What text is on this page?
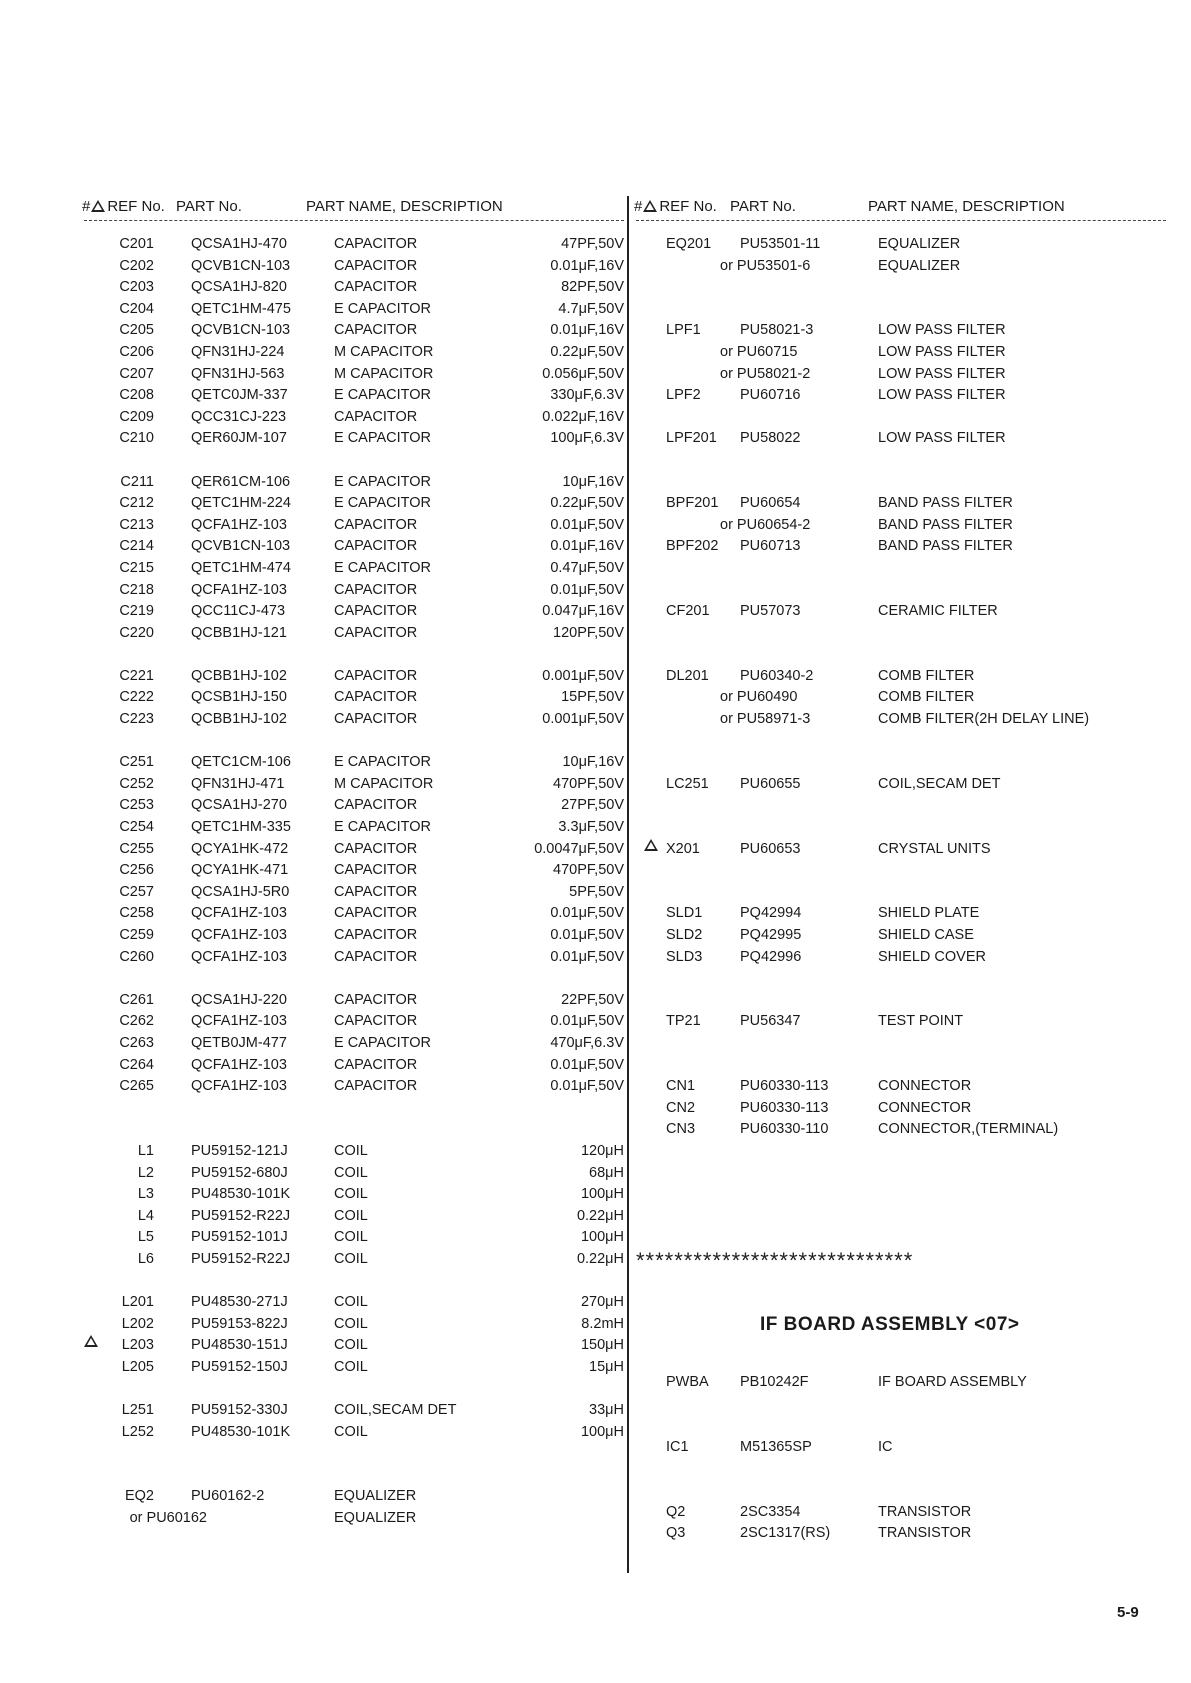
# REF No. PART No.	PART NAME, DESCRIPTION
C201	QCSA1HJ-470	CAPACITOR	47PF,50V
C202	QCVB1CN-103	CAPACITOR	0.01μF,16V
C203	QCSA1HJ-820	CAPACITOR	82PF,50V
C204	QETC1HM-475	E CAPACITOR	4.7μF,50V
C205	QCVB1CN-103	CAPACITOR	0.01μF,16V
C206	QFN31HJ-224	M CAPACITOR	0.22μF,50V
C207	QFN31HJ-563	M CAPACITOR	0.056μF,50V
C208	QETC0JM-337	E CAPACITOR	330μF,6.3V
C209	QCC31CJ-223	CAPACITOR	0.022μF,16V
C210	QER60JM-107	E CAPACITOR	100μF,6.3V
C211	QER61CM-106	E CAPACITOR	10μF,16V
C212	QETC1HM-224	E CAPACITOR	0.22μF,50V
C213	QCFA1HZ-103	CAPACITOR	0.01μF,50V
C214	QCVB1CN-103	CAPACITOR	0.01μF,16V
C215	QETC1HM-474	E CAPACITOR	0.47μF,50V
C218	QCFA1HZ-103	CAPACITOR	0.01μF,50V
C219	QCC11CJ-473	CAPACITOR	0.047μF,16V
C220	QCBB1HJ-121	CAPACITOR	120PF,50V
C221	QCBB1HJ-102	CAPACITOR	0.001μF,50V
C222	QCSB1HJ-150	CAPACITOR	15PF,50V
C223	QCBB1HJ-102	CAPACITOR	0.001μF,50V
C251	QETC1CM-106	E CAPACITOR	10μF,16V
C252	QFN31HJ-471	M CAPACITOR	470PF,50V
C253	QCSA1HJ-270	CAPACITOR	27PF,50V
C254	QETC1HM-335	E CAPACITOR	3.3μF,50V
C255	QCYA1HK-472	CAPACITOR	0.0047μF,50V
C256	QCYA1HK-471	CAPACITOR	470PF,50V
C257	QCSA1HJ-5R0	CAPACITOR	5PF,50V
C258	QCFA1HZ-103	CAPACITOR	0.01μF,50V
C259	QCFA1HZ-103	CAPACITOR	0.01μF,50V
C260	QCFA1HZ-103	CAPACITOR	0.01μF,50V
C261	QCSA1HJ-220	CAPACITOR	22PF,50V
C262	QCFA1HZ-103	CAPACITOR	0.01μF,50V
C263	QETB0JM-477	E CAPACITOR	470μF,6.3V
C264	QCFA1HZ-103	CAPACITOR	0.01μF,50V
C265	QCFA1HZ-103	CAPACITOR	0.01μF,50V
L1	PU59152-121J	COIL	120μH
L2	PU59152-680J	COIL	68μH
L3	PU48530-101K	COIL	100μH
L4	PU59152-R22J	COIL	0.22μH
L5	PU59152-101J	COIL	100μH
L6	PU59152-R22J	COIL	0.22μH
L201	PU48530-271J	COIL	270μH
L202	PU59153-822J	COIL	8.2mH
L203	PU48530-151J	COIL	150μH
L205	PU59152-150J	COIL	15μH
L251	PU59152-330J	COIL,SECAM DET	33μH
L252	PU48530-101K	COIL	100μH
EQ2	PU60162-2	EQUALIZER
or PU60162	EQUALIZER
# REF No. PART No.	PART NAME, DESCRIPTION
EQ201 PU53501-11	EQUALIZER
or PU53501-6	EQUALIZER
LPF1	PU58021-3	LOW PASS FILTER
or PU60715	LOW PASS FILTER
or PU58021-2	LOW PASS FILTER
LPF2	PU60716	LOW PASS FILTER
LPF201 PU58022	LOW PASS FILTER
BPF201 PU60654	BAND PASS FILTER
or PU60654-2	BAND PASS FILTER
BPF202 PU60713	BAND PASS FILTER
CF201 PU57073	CERAMIC FILTER
DL201 PU60340-2	COMB FILTER
or PU60490	COMB FILTER
or PU58971-3	COMB FILTER(2H DELAY LINE)
LC251 PU60655	COIL,SECAM DET
X201	PU60653	CRYSTAL UNITS
SLD1	PQ42994	SHIELD PLATE
SLD2	PQ42995	SHIELD CASE
SLD3	PQ42996	SHIELD COVER
TP21	PU56347	TEST POINT
CN1	PU60330-113	CONNECTOR
CN2	PU60330-113	CONNECTOR
CN3	PU60330-110	CONNECTOR,(TERMINAL)
*****************************
IF BOARD ASSEMBLY <07>
PWBA PB10242F	IF BOARD ASSEMBLY
IC1	M51365SP	IC
Q2	2SC3354	TRANSISTOR
Q3	2SC1317(RS)	TRANSISTOR
5-9
